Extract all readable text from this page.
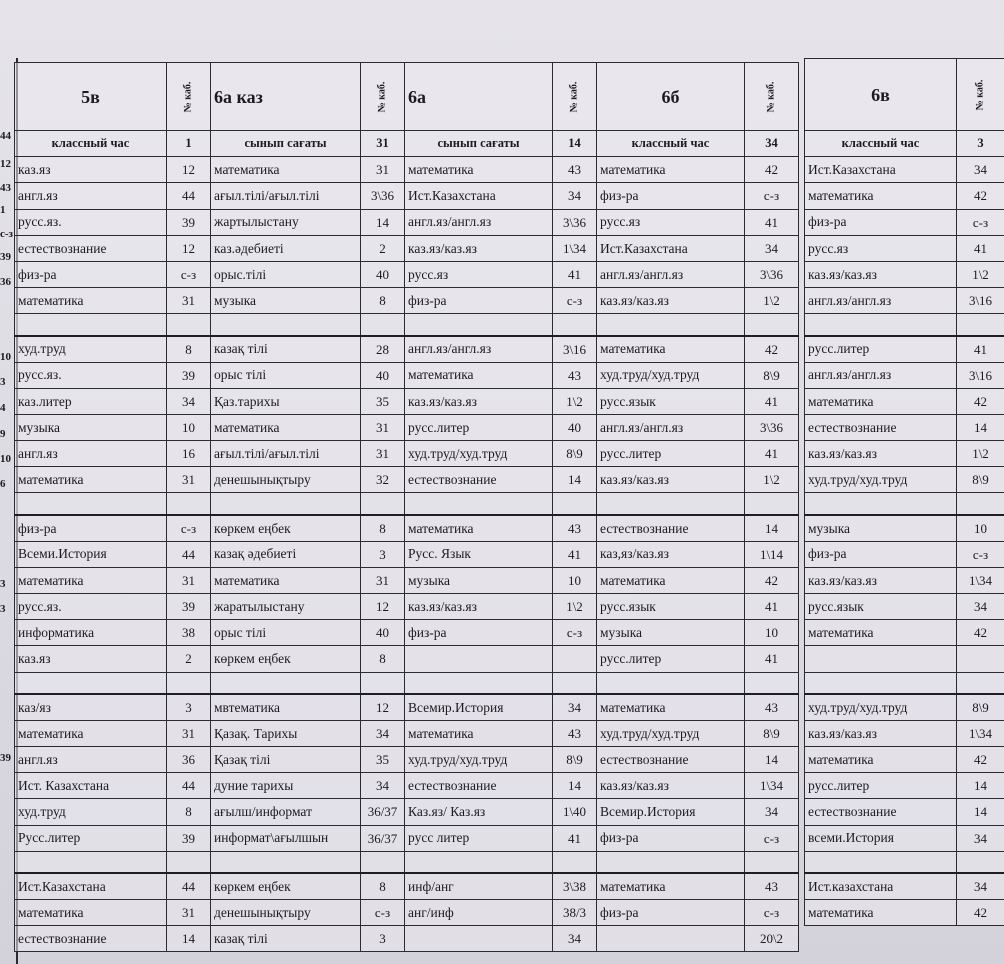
44
12
43
1
с-з
39
36
10
3
4
9
10
6
3
3
39
5в	№ каб.	6а каз	№ каб.	6а	№ каб.	6б	№ каб.
классный час	1	сынып сағаты	31	сынып сағаты	14	классный час	34
каз.яз	12	математика	31	математика	43	математика	42
англ.яз	44	ағыл.тілі/ағыл.тілі	3\36	Ист.Казахстана	34	физ-ра	с-з
русс.яз.	39	жартылыстану	14	англ.яз/англ.яз	3\36	русс.яз	41
естествознание	12	каз.әдебиеті	2	каз.яз/каз.яз	1\34	Ист.Казахстана	34
физ-ра	с-з	орыс.тілі	40	русс.яз	41	англ.яз/англ.яз	3\36
математика	31	музыка	8	физ-ра	с-з	каз.яз/каз.яз	1\2

худ.труд	8	казақ тілі	28	англ.яз/англ.яз	3\16	математика	42
русс.яз.	39	орыс тілі	40	математика	43	худ.труд/худ.труд	8\9
каз.литер	34	Қаз.тарихы	35	каз.яз/каз.яз	1\2	русс.язык	41
музыка	10	математика	31	русс.литер	40	англ.яз/англ.яз	3\36
англ.яз	16	ағыл.тілі/ағыл.тілі	31	худ.труд/худ.труд	8\9	русс.литер	41
математика	31	денешынықтыру	32	естествознание	14	каз.яз/каз.яз	1\2

физ-ра	с-з	көркем еңбек	8	математика	43	естествознание	14
Всеми.История	44	казақ әдебиеті	3	Русс. Язык	41	каз,яз/каз.яз	1\14
математика	31	математика	31	музыка	10	математика	42
русс.яз.	39	жаратылыстану	12	каз.яз/каз.яз	1\2	русс.язык	41
информатика	38	орыс тілі	40	физ-ра	с-з	музыка	10
каз.яз	2	көркем еңбек	8			русс.литер	41

каз/яз	3	мвтематика	12	Всемир.История	34	математика	43
математика	31	Қазақ. Тарихы	34	математика	43	худ.труд/худ.труд	8\9
англ.яз	36	Қазақ тілі	35	худ.труд/худ.труд	8\9	естествознание	14
Ист. Казахстана	44	дуние тарихы	34	естествознание	14	каз.яз/каз.яз	1\34
худ.труд	8	ағылш/информат	36/37	Каз.яз/ Каз.яз	1\40	Всемир.История	34
Русс.литер	39	информат\ағылшын	36/37	русс литер	41	физ-ра	с-з

Ист.Казахстана	44	көркем еңбек	8	инф/анг	3\38	математика	43
математика	31	денешынықтыру	с-з	анг/инф	38/3	физ-ра	с-з
естествознание	14	казақ тілі	3		34		20\2
6в	№ каб.
классный час	3
Ист.Казахстана	34
математика	42
физ-ра	с-з
русс.яз	41
каз.яз/каз.яз	1\2
англ.яз/англ.яз	3\16

русс.литер	41
англ.яз/англ.яз	3\16
математика	42
естествознание	14
каз.яз/каз.яз	1\2
худ.труд/худ.труд	8\9

музыка	10
физ-ра	с-з
каз.яз/каз.яз	1\34
русс.язык	34
математика	42

худ.труд/худ.труд	8\9
каз.яз/каз.яз	1\34
математика	42
русс.литер	14
естествознание	14
всеми.История	34

Ист.казахстана	34
математика	42
